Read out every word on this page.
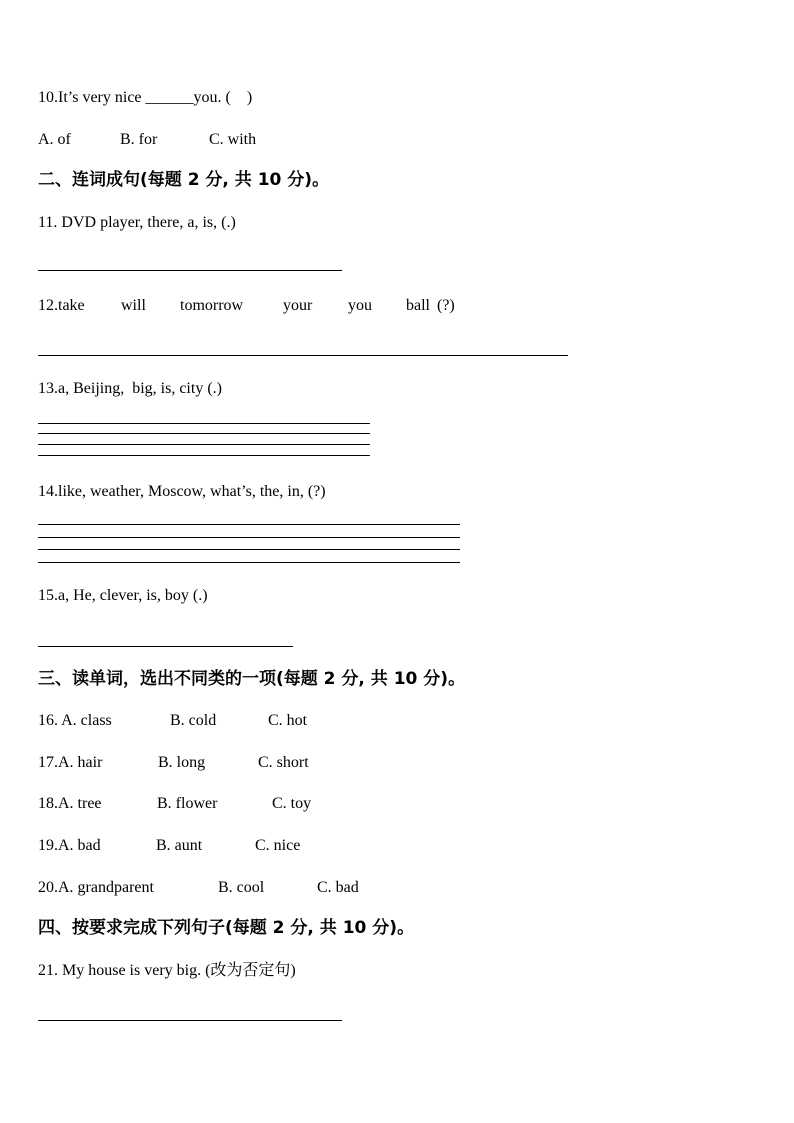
10.It’s very nice ______you. (    )
A. of	B. for	C. with
二、连词成句(每题 2 分, 共 10 分)。
11. DVD player, there, a, is, (.)
12.take will tomorrow your you ball (?)
13.a, Beijing,  big, is, city (.)
14.like, weather, Moscow, what’s, the, in, (?)
15.a, He, clever, is, boy (.)
三、读单词，选出不同类的一项(每题 2 分, 共 10 分)。
16. A. class	B. cold	C. hot
17.A. hair	B. long	C. short
18.A. tree	B. flower	C. toy
19.A. bad	B. aunt	C. nice
20.A. grandparent	B. cool	C. bad
四、按要求完成下列句子(每题 2 分, 共 10 分)。
21. My house is very big. (改为否定句)
